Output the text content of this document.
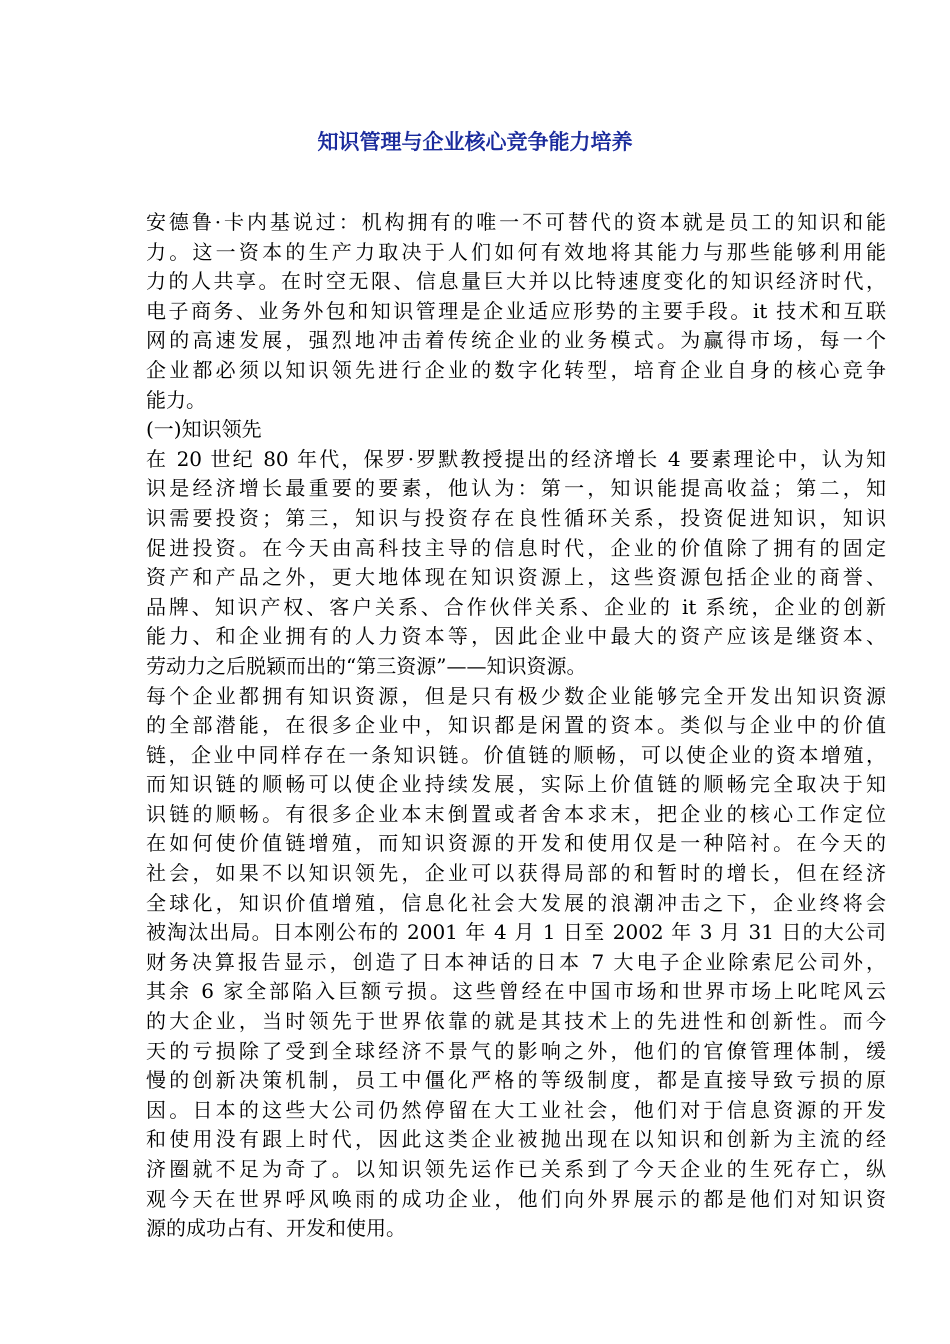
知识管理与企业核心竞争能力培养
安德鲁·卡内基说过：机构拥有的唯一不可替代的资本就是员工的知识和能
力。这一资本的生产力取决于人们如何有效地将其能力与那些能够利用能
力的人共享。在时空无限、信息量巨大并以比特速度变化的知识经济时代，
电子商务、业务外包和知识管理是企业适应形势的主要手段。it 技术和互联
网的高速发展，强烈地冲击着传统企业的业务模式。为赢得市场，每一个
企业都必须以知识领先进行企业的数字化转型，培育企业自身的核心竞争
能力。
(一)知识领先
在 20 世纪 80 年代，保罗·罗默教授提出的经济增长 4 要素理论中，认为知
识是经济增长最重要的要素，他认为：第一，知识能提高收益；第二，知
识需要投资；第三，知识与投资存在良性循环关系，投资促进知识，知识
促进投资。在今天由高科技主导的信息时代，企业的价值除了拥有的固定
资产和产品之外，更大地体现在知识资源上，这些资源包括企业的商誉、
品牌、知识产权、客户关系、合作伙伴关系、企业的 it 系统，企业的创新
能力、和企业拥有的人力资本等，因此企业中最大的资产应该是继资本、
劳动力之后脱颖而出的“第三资源”——知识资源。
每个企业都拥有知识资源，但是只有极少数企业能够完全开发出知识资源
的全部潜能，在很多企业中，知识都是闲置的资本。类似与企业中的价值
链，企业中同样存在一条知识链。价值链的顺畅，可以使企业的资本增殖，
而知识链的顺畅可以使企业持续发展，实际上价值链的顺畅完全取决于知
识链的顺畅。有很多企业本末倒置或者舍本求末，把企业的核心工作定位
在如何使价值链增殖，而知识资源的开发和使用仅是一种陪衬。在今天的
社会，如果不以知识领先，企业可以获得局部的和暂时的增长，但在经济
全球化，知识价值增殖，信息化社会大发展的浪潮冲击之下，企业终将会
被淘汰出局。日本刚公布的 2001 年 4 月 1 日至 2002 年 3 月 31 日的大公司
财务决算报告显示，创造了日本神话的日本 7 大电子企业除索尼公司外，
其余 6 家全部陷入巨额亏损。这些曾经在中国市场和世界市场上叱咤风云
的大企业，当时领先于世界依靠的就是其技术上的先进性和创新性。而今
天的亏损除了受到全球经济不景气的影响之外，他们的官僚管理体制，缓
慢的创新决策机制，员工中僵化严格的等级制度，都是直接导致亏损的原
因。日本的这些大公司仍然停留在大工业社会，他们对于信息资源的开发
和使用没有跟上时代，因此这类企业被抛出现在以知识和创新为主流的经
济圈就不足为奇了。以知识领先运作已关系到了今天企业的生死存亡，纵
观今天在世界呼风唤雨的成功企业，他们向外界展示的都是他们对知识资
源的成功占有、开发和使用。
